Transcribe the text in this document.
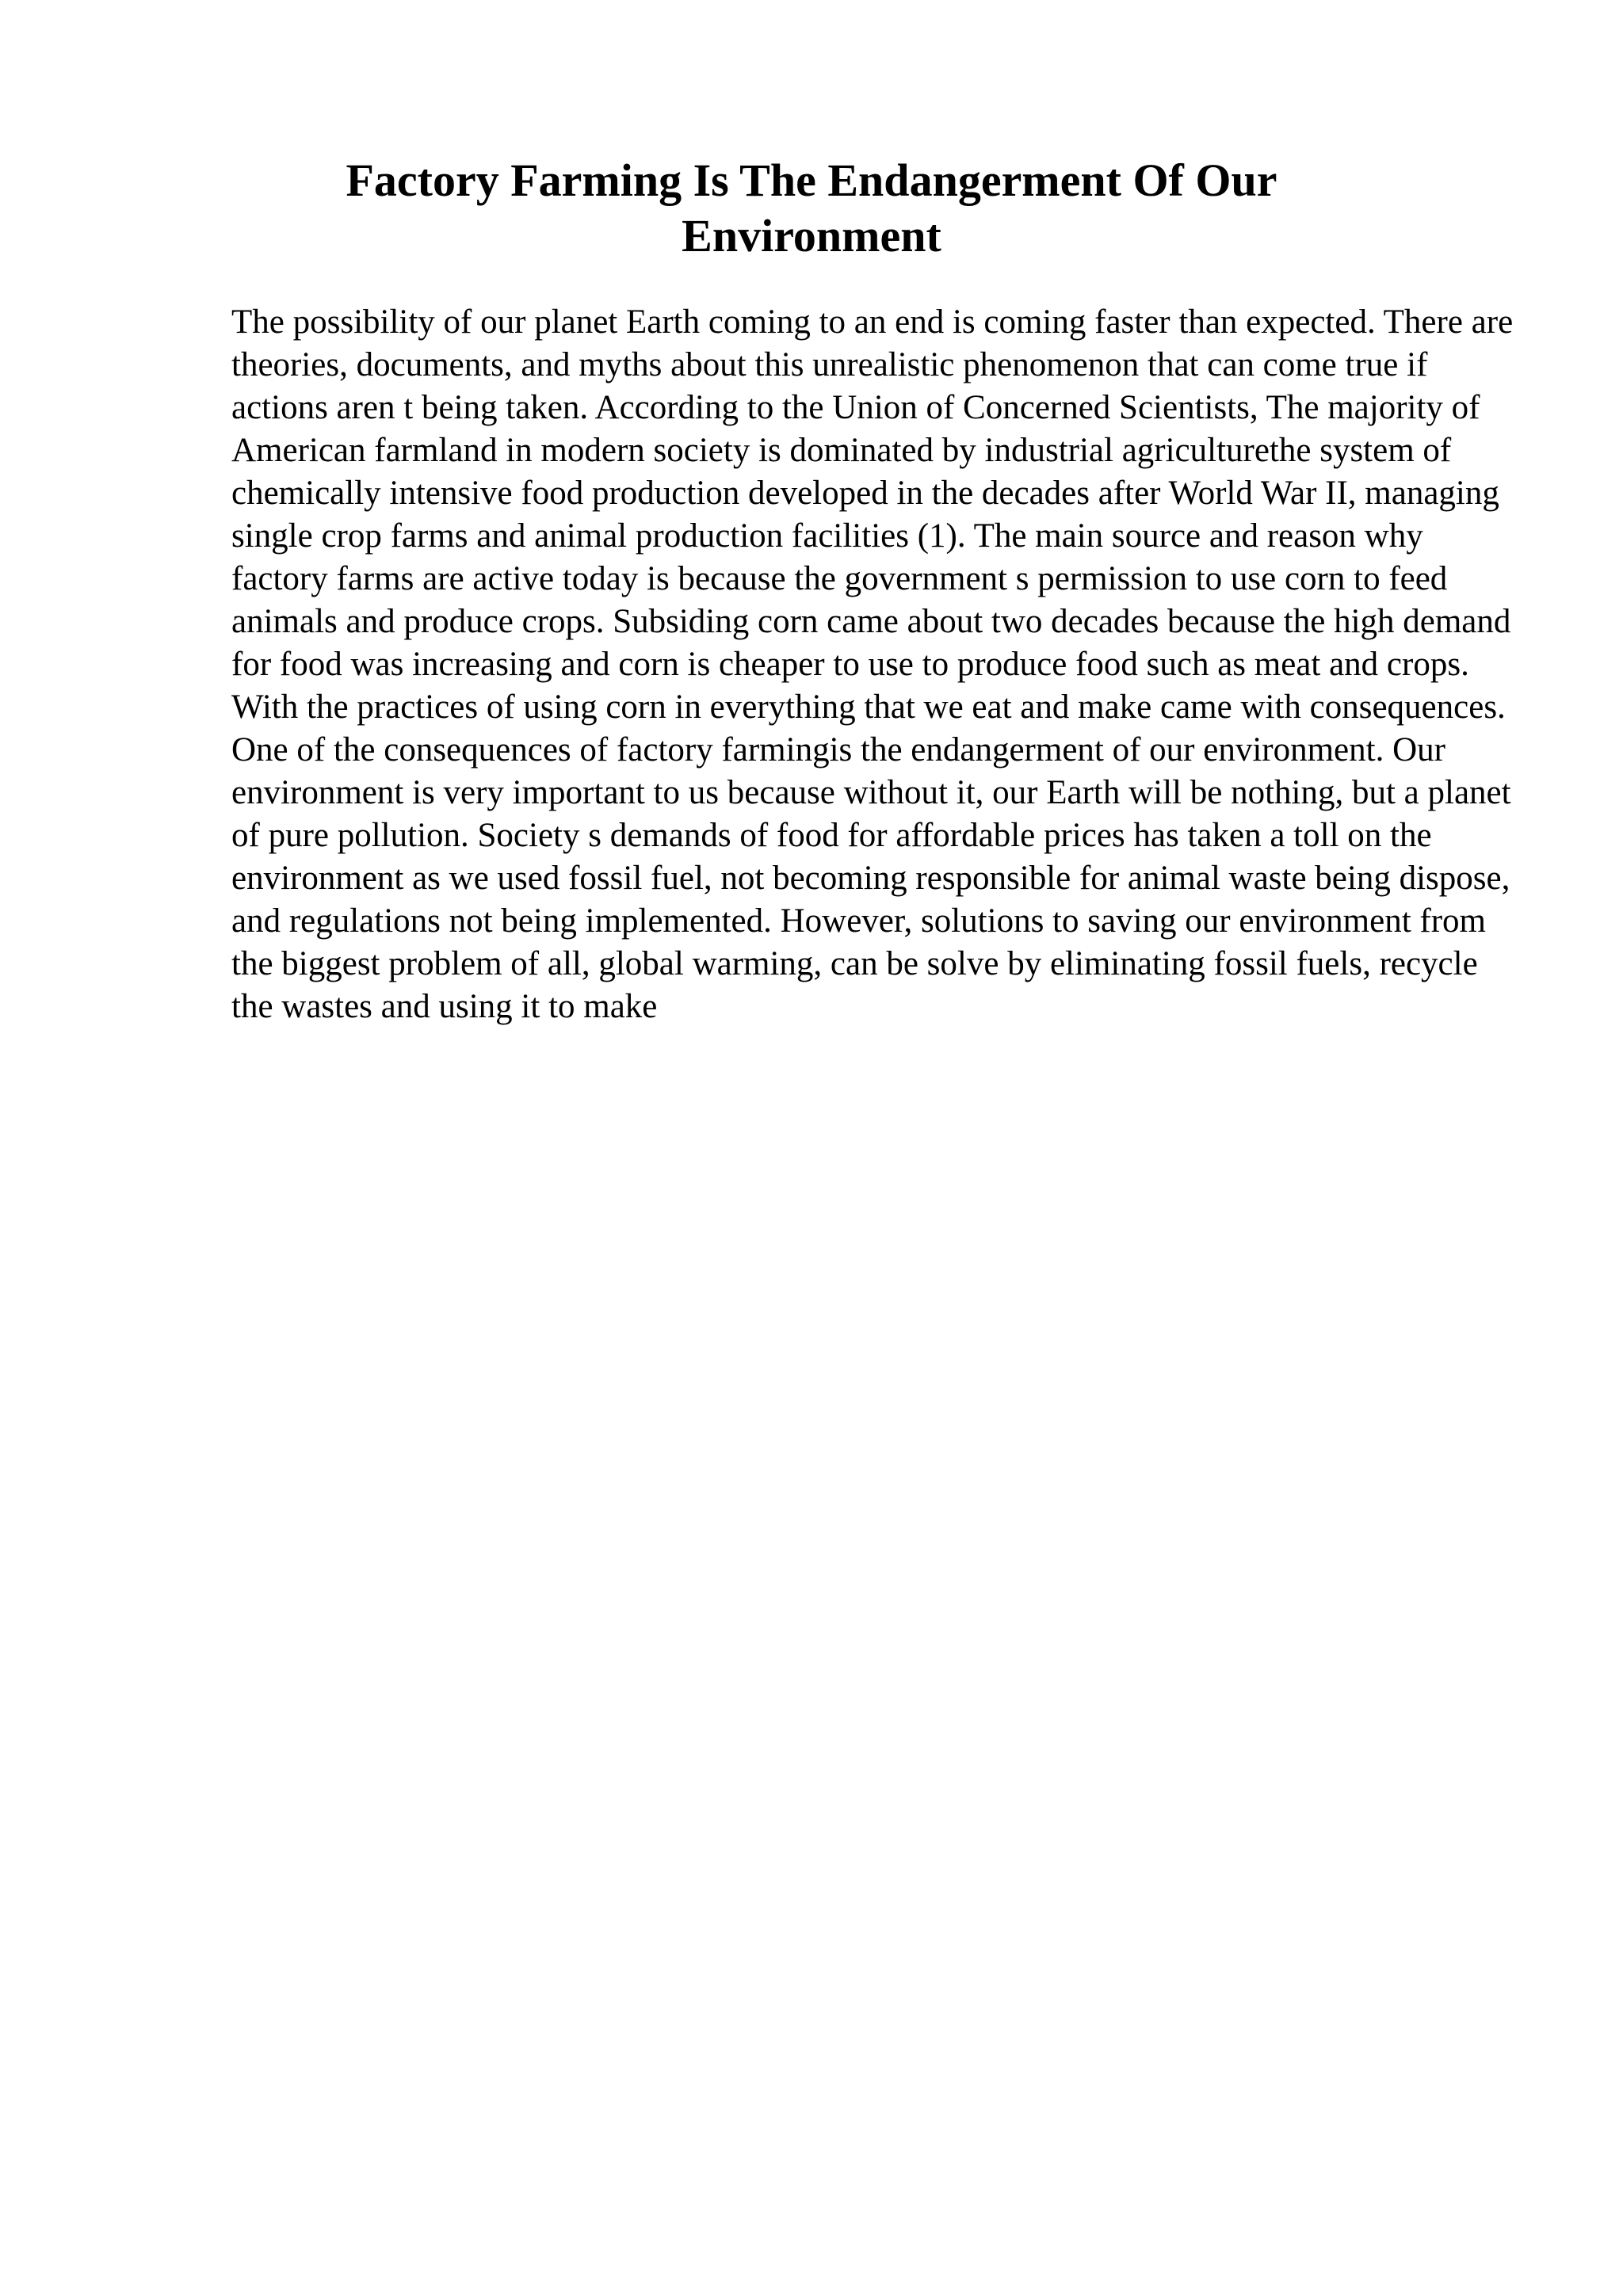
Factory Farming Is The Endangerment Of Our Environment

The possibility of our planet Earth coming to an end is coming faster than expected. There are theories, documents, and myths about this unrealistic phenomenon that can come true if actions aren t being taken. According to the Union of Concerned Scientists, The majority of American farmland in modern society is dominated by industrial agriculturethe system of chemically intensive food production developed in the decades after World War II, managing single crop farms and animal production facilities (1). The main source and reason why factory farms are active today is because the government s permission to use corn to feed animals and produce crops. Subsiding corn came about two decades because the high demand for food was increasing and corn is cheaper to use to produce food such as meat and crops. With the practices of using corn in everything that we eat and make came with consequences. One of the consequences of factory farmingis the endangerment of our environment. Our environment is very important to us because without it, our Earth will be nothing, but a planet of pure pollution. Society s demands of food for affordable prices has taken a toll on the environment as we used fossil fuel, not becoming responsible for animal waste being dispose, and regulations not being implemented. However, solutions to saving our environment from the biggest problem of all, global warming, can be solve by eliminating fossil fuels, recycle the wastes and using it to make
